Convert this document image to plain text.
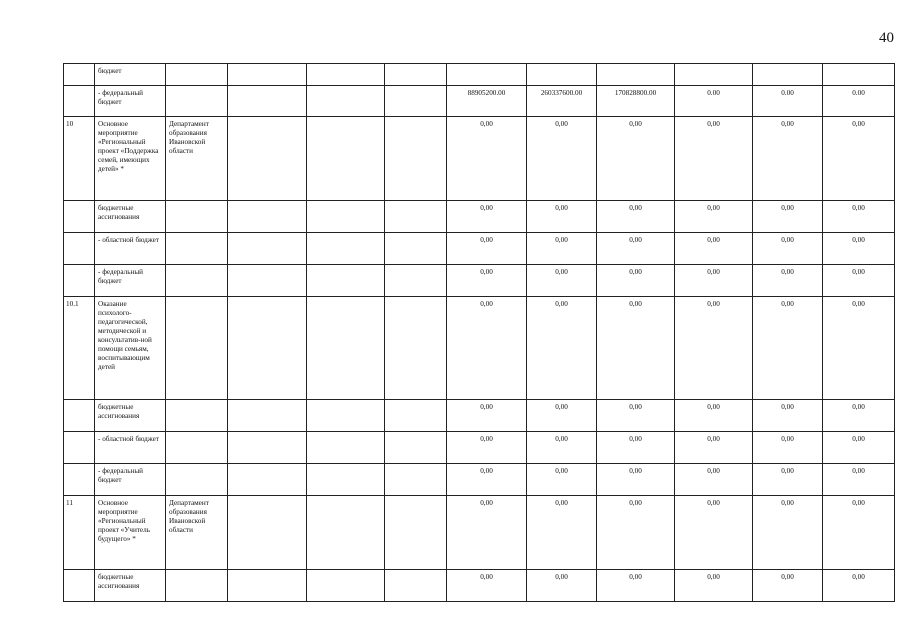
40
	бюджет										
	- федеральный бюджет					88905200.00	260337600.00	170828800.00	0.00	0.00	0.00
10	Основное мероприятие «Региональный проект «Поддержка семей, имеющих детей» *	Департамент образования Ивановской области				0,00	0,00	0,00	0,00	0,00	0,00
	бюджетные ассигнования					0,00	0,00	0,00	0,00	0,00	0,00
	- областной бюджет					0,00	0,00	0,00	0,00	0,00	0,00
	- федеральный бюджет					0,00	0,00	0,00	0,00	0,00	0,00
10.1	Оказание психолого-педагогической, методической и консультатив-ной помощи семьям, воспитывающим детей					0,00	0,00	0,00	0,00	0,00	0,00
	бюджетные ассигнования					0,00	0,00	0,00	0,00	0,00	0,00
	- областной бюджет					0,00	0,00	0,00	0,00	0,00	0,00
	- федеральный бюджет					0,00	0,00	0,00	0,00	0,00	0,00
11	Основное мероприятие «Региональный проект «Учитель будущего» *	Департамент образования Ивановской области				0,00	0,00	0,00	0,00	0,00	0,00
	бюджетные ассигнования					0,00	0,00	0,00	0,00	0,00	0,00
